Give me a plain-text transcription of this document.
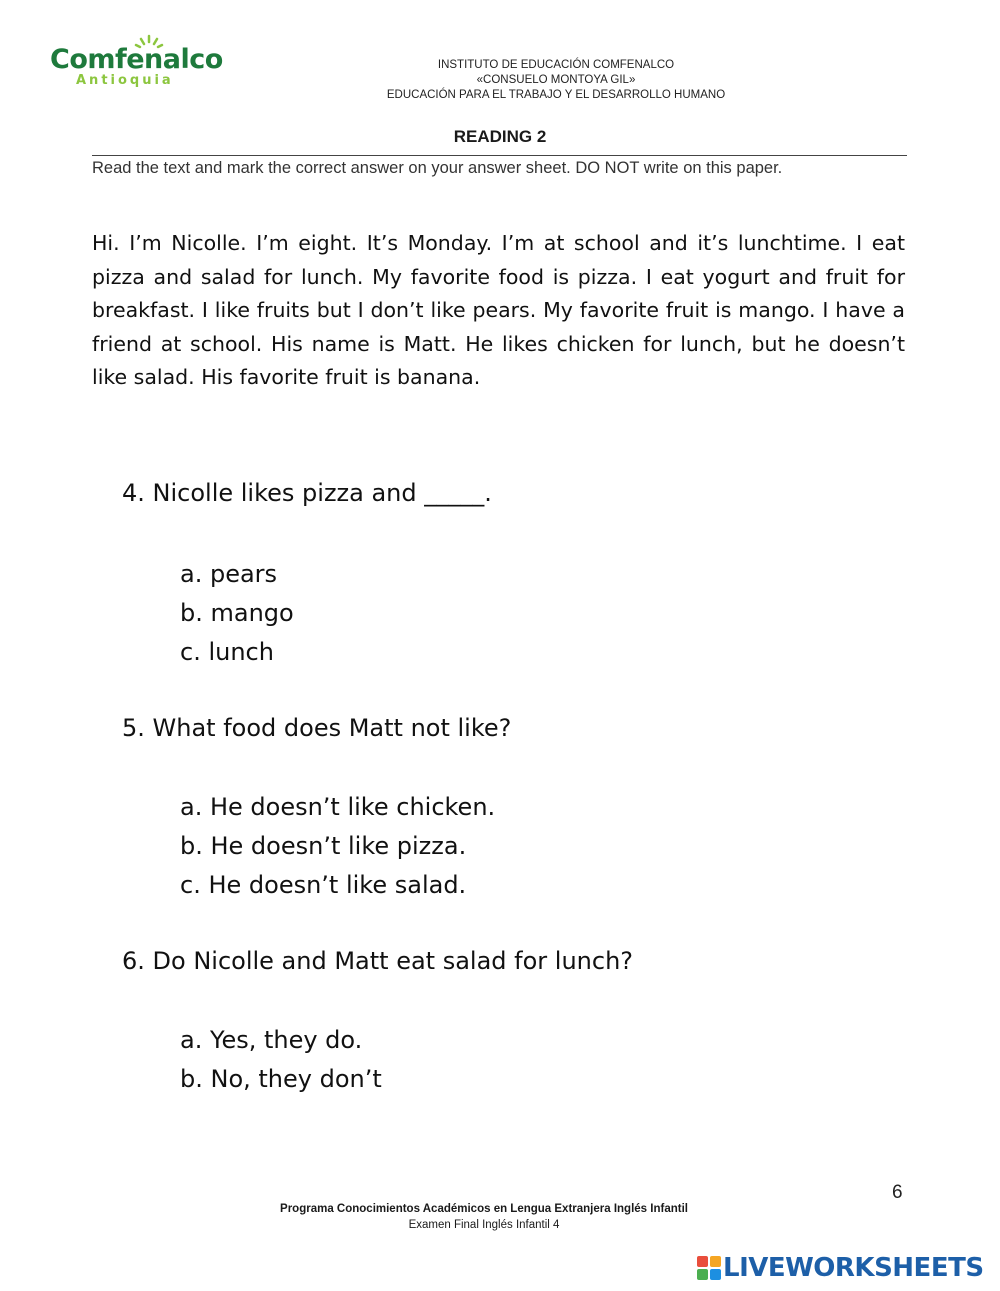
Comfenalco
Antioquia
INSTITUTO DE EDUCACIÓN COMFENALCO
«CONSUELO MONTOYA GIL»
EDUCACIÓN PARA EL TRABAJO Y EL DESARROLLO HUMANO
READING 2
Read the text and mark the correct answer on your answer sheet. DO NOT write on this paper.
Hi. I’m Nicolle. I’m eight. It’s Monday. I’m at school and it’s lunchtime. I eat pizza and salad for lunch. My favorite food is pizza. I eat yogurt and fruit for breakfast. I like fruits but I don’t like pears. My favorite fruit is mango. I have a friend at school. His name is Matt. He likes chicken for lunch, but he doesn’t like salad. His favorite fruit is banana.
4. Nicolle likes pizza and _____.
a. pears
b. mango
c. lunch
5. What food does Matt not like?
a. He doesn’t like chicken.
b. He doesn’t like pizza.
c. He doesn’t like salad.
6. Do Nicolle and Matt eat salad for lunch?
a. Yes, they do.
b. No, they don’t
6
Programa Conocimientos Académicos en Lengua Extranjera Inglés Infantil
Examen Final Inglés Infantil 4
LIVEWORKSHEETS
